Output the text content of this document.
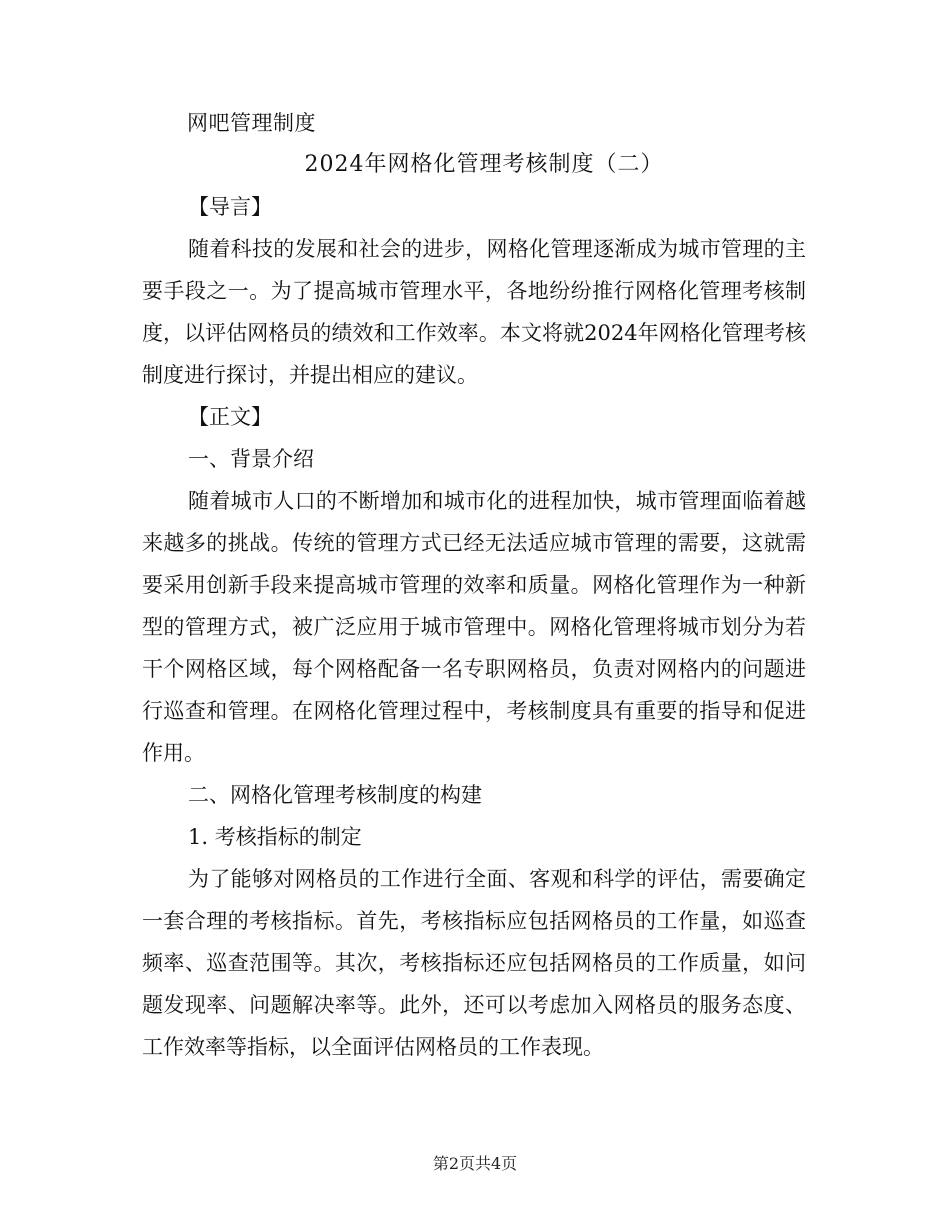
网吧管理制度

2024年网格化管理考核制度（二）

【导言】

随着科技的发展和社会的进步，网格化管理逐渐成为城市管理的主要手段之一。为了提高城市管理水平，各地纷纷推行网格化管理考核制度，以评估网格员的绩效和工作效率。本文将就2024年网格化管理考核制度进行探讨，并提出相应的建议。

【正文】

一、背景介绍

随着城市人口的不断增加和城市化的进程加快，城市管理面临着越来越多的挑战。传统的管理方式已经无法适应城市管理的需要，这就需要采用创新手段来提高城市管理的效率和质量。网格化管理作为一种新型的管理方式，被广泛应用于城市管理中。网格化管理将城市划分为若干个网格区域，每个网格配备一名专职网格员，负责对网格内的问题进行巡查和管理。在网格化管理过程中，考核制度具有重要的指导和促进作用。

二、网格化管理考核制度的构建

1. 考核指标的制定

为了能够对网格员的工作进行全面、客观和科学的评估，需要确定一套合理的考核指标。首先，考核指标应包括网格员的工作量，如巡查频率、巡查范围等。其次，考核指标还应包括网格员的工作质量，如问题发现率、问题解决率等。此外，还可以考虑加入网格员的服务态度、工作效率等指标，以全面评估网格员的工作表现。

第2页共4页
